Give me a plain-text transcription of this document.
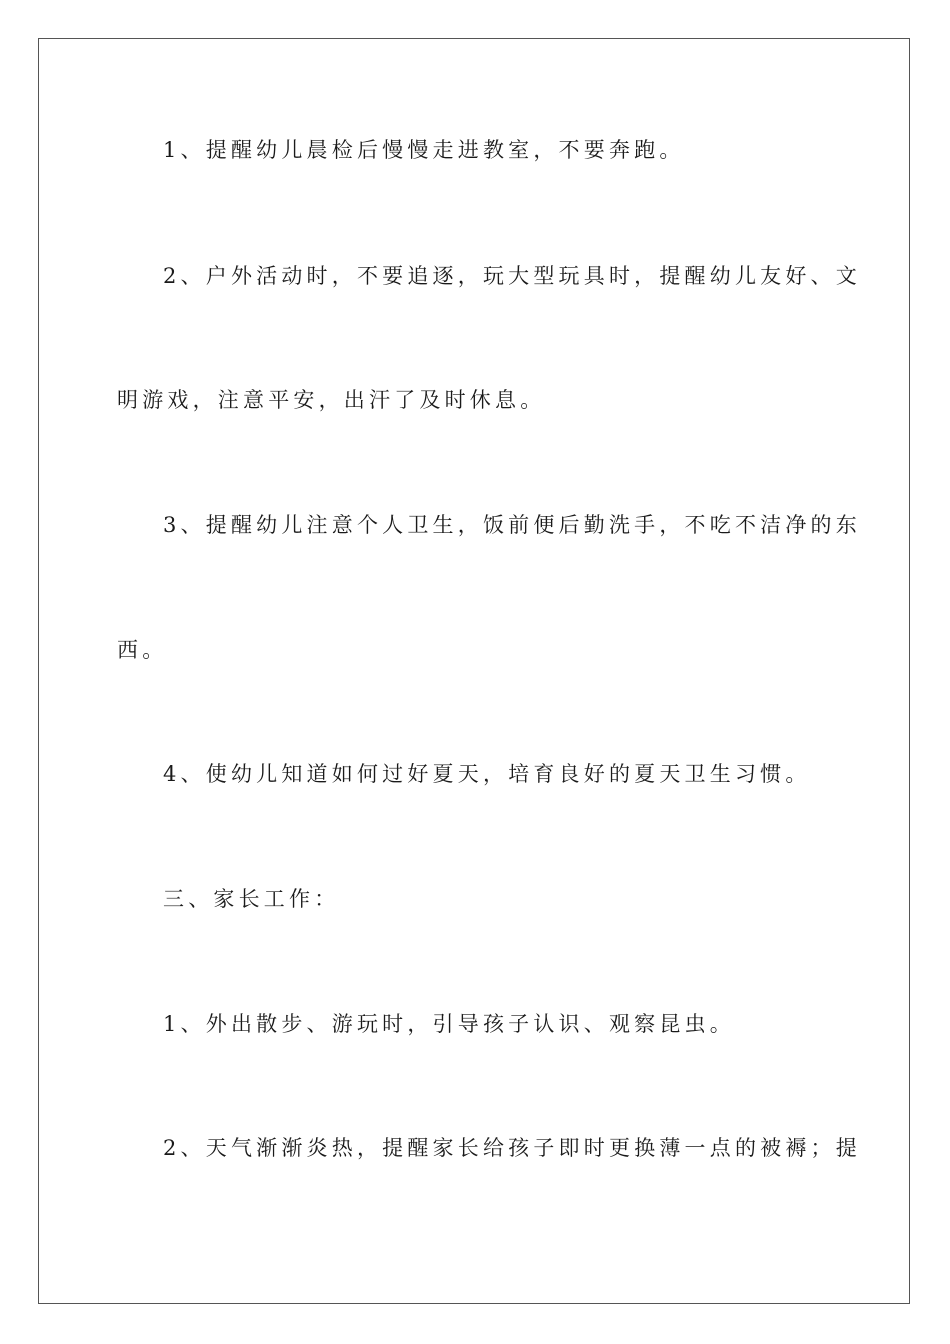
1、提醒幼儿晨检后慢慢走进教室，不要奔跑。
2、户外活动时，不要追逐，玩大型玩具时，提醒幼儿友好、文
明游戏，注意平安，出汗了及时休息。
3、提醒幼儿注意个人卫生，饭前便后勤洗手，不吃不洁净的东
西。
4、使幼儿知道如何过好夏天，培育良好的夏天卫生习惯。
三、家长工作：
1、外出散步、游玩时，引导孩子认识、观察昆虫。
2、天气渐渐炎热，提醒家长给孩子即时更换薄一点的被褥；提
